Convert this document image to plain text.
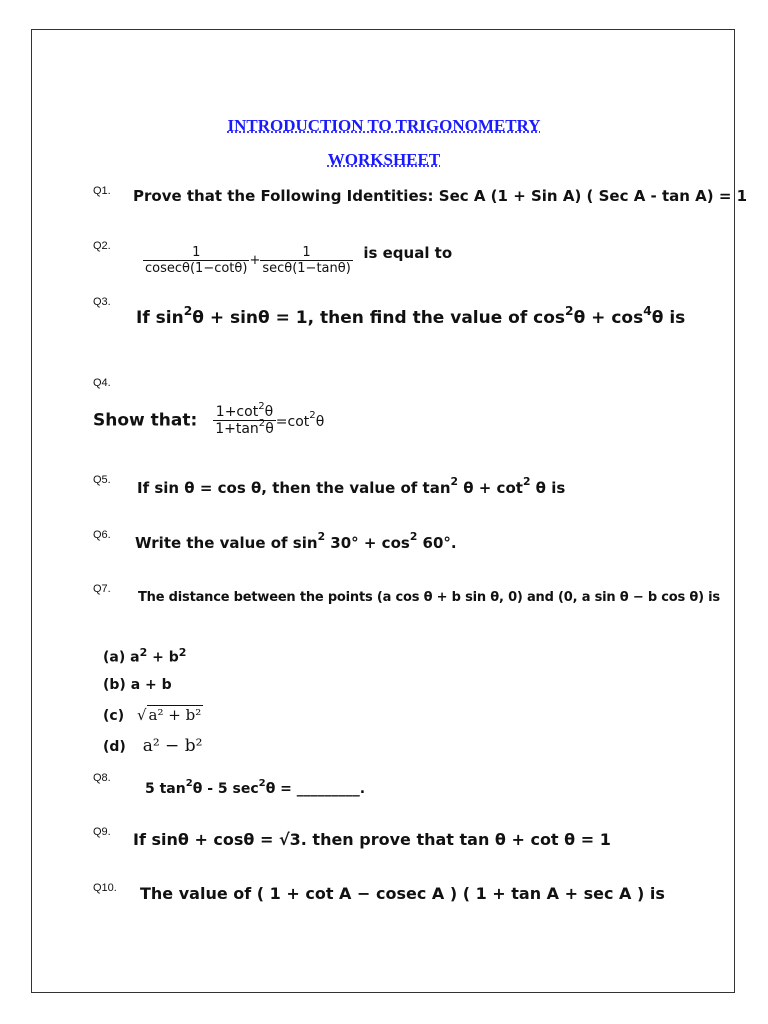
INTRODUCTION TO TRIGONOMETRY
WORKSHEET
Q1. Prove that the Following Identities: Sec A (1 + Sin A) ( Sec A - tan A) = 1
Q2. $\frac{1}{cosec\theta(1-\cot\theta)} + \frac{1}{\sec\theta(1-\tan\theta)}$ is equal to
Q3.
If $\sin^2\theta + \sin\theta = 1$, then find the value of $\cos^2\theta + \cos^4\theta$ is
Q4.
Show that: $\frac{1+\cot^2\theta}{1+\tan^2\theta} =\cot^2\theta$
Q5. If sin θ = cos θ, then the value of $\tan^2 \theta + \cot^2 \theta$ is
Q6. Write the value of $\sin^2 30^\circ + \cos^2 60^\circ$.
Q7.
The distance between the points (a cos θ + b sin θ, 0) and (0, a sin θ − b cos θ) is
(a) $a^2 + b^2$
(b) a + b
(c) √ a² + b²
(d) a² − b²
Q8.
5 $\tan^2\theta - 5$ $\sec^2\theta$ = _________.
Q9. If sinθ + cosθ = √3. then prove that tan θ + cot θ = 1
Q10. The value of ( 1 + cot A − cosec A ) ( 1 + tan A + sec A ) is
